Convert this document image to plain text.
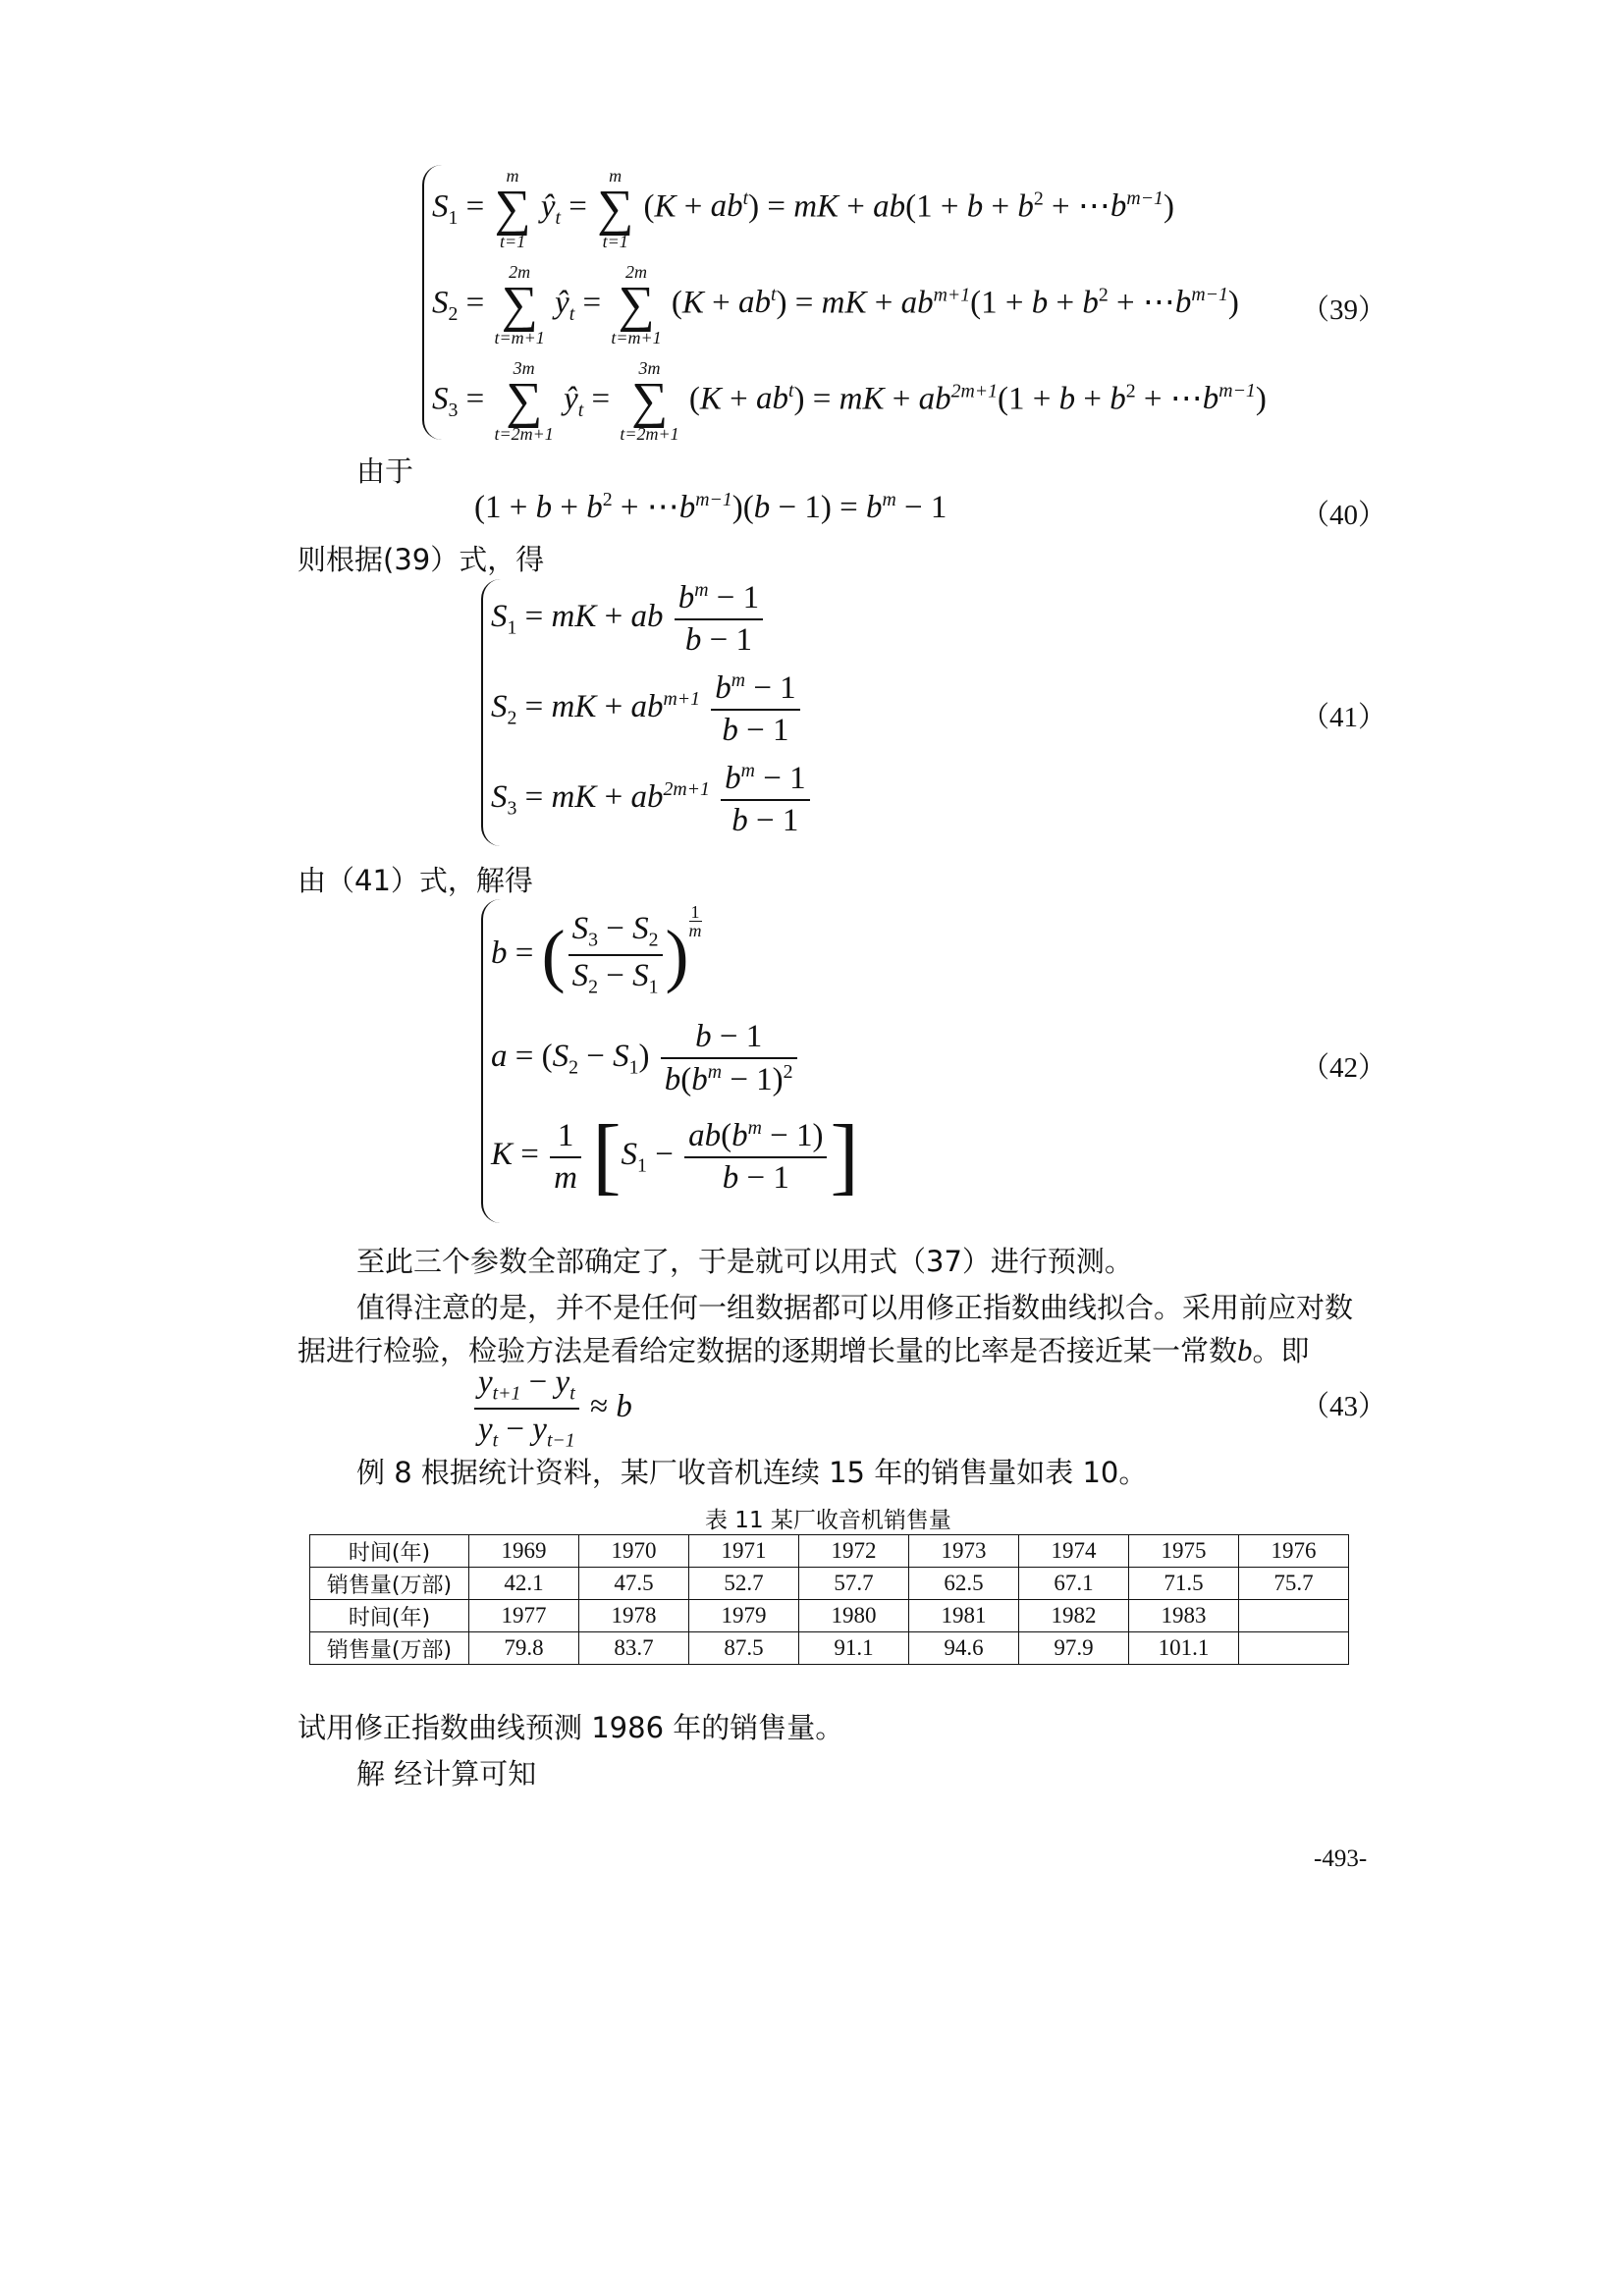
$S_1$ =
m
∑
t=1
$ŷ_t$ =
m
∑
t=1
$(K + ab^t)$ = mK + $ab(1 + b + b^2$ + $\cdots b^{m-1}$)
$S_2$ =
2m
∑
t=m+1
$ŷ_t$ =
2m
∑
t=m+1
$(K + ab^t)$ = mK + $ab^{m+1}(1 + b + b^2$ + $\cdots b^{m-1}$) （39）
$S_3$ =
3m
∑
t=2m+1
$ŷ_t$ =
3m
∑
t=2m+1
$(K + ab^t)$ = mK + $ab^{2m+1}(1 + b + b^2$ + $\cdots b^{m-1}$)
由于
($1 + b + b^2$ + $\cdots b^{m-1})(b - 1) = b^m - 1$	（40）
则根据(39）式，得
$S_1$ = mK + ab $\frac{b^m - 1}{b - 1}$
$S_2$ = mK + $ab^{m+1} \frac{b^m - 1}{b - 1}$	（41）
$S_3$ = mK + $ab^{2m+1} \frac{b^m - 1}{b - 1}$
由（41）式，解得
b = ( $\frac{S_3 - S_2}{S_2 - S_1}$ ) $\frac{1}{m}$
$a = (S_2 - S_1) \frac{b - 1}{b(b^m - 1)^2}$	（42）
$K = \frac{1}{m} [S_1 - \frac{ab(b^m - 1)}{b - 1}$ ]
至此三个参数全部确定了，于是就可以用式（37）进行预测。
值得注意的是，并不是任何一组数据都可以用修正指数曲线拟合。采用前应对数
据进行检验，检验方法是看给定数据的逐期增长量的比率是否接近某一常数b。即
$\frac{y_{t+1} - y_t}{y_t - y_{t-1}} \approx b$	（43）
例 8 根据统计资料，某厂收音机连续 15 年的销售量如表 10。
表 11 某厂收音机销售量
时间(年)	1969	1970	1971	1972	1973	1974	1975	1976
销售量(万部)	42.1	47.5	52.7	57.7	62.5	67.1	71.5	75.7
时间(年)	1977	1978	1979	1980	1981	1982	1983	
销售量(万部)	79.8	83.7	87.5	91.1	94.6	97.9	101.1	
试用修正指数曲线预测 1986 年的销售量。
解 经计算可知
-493-
